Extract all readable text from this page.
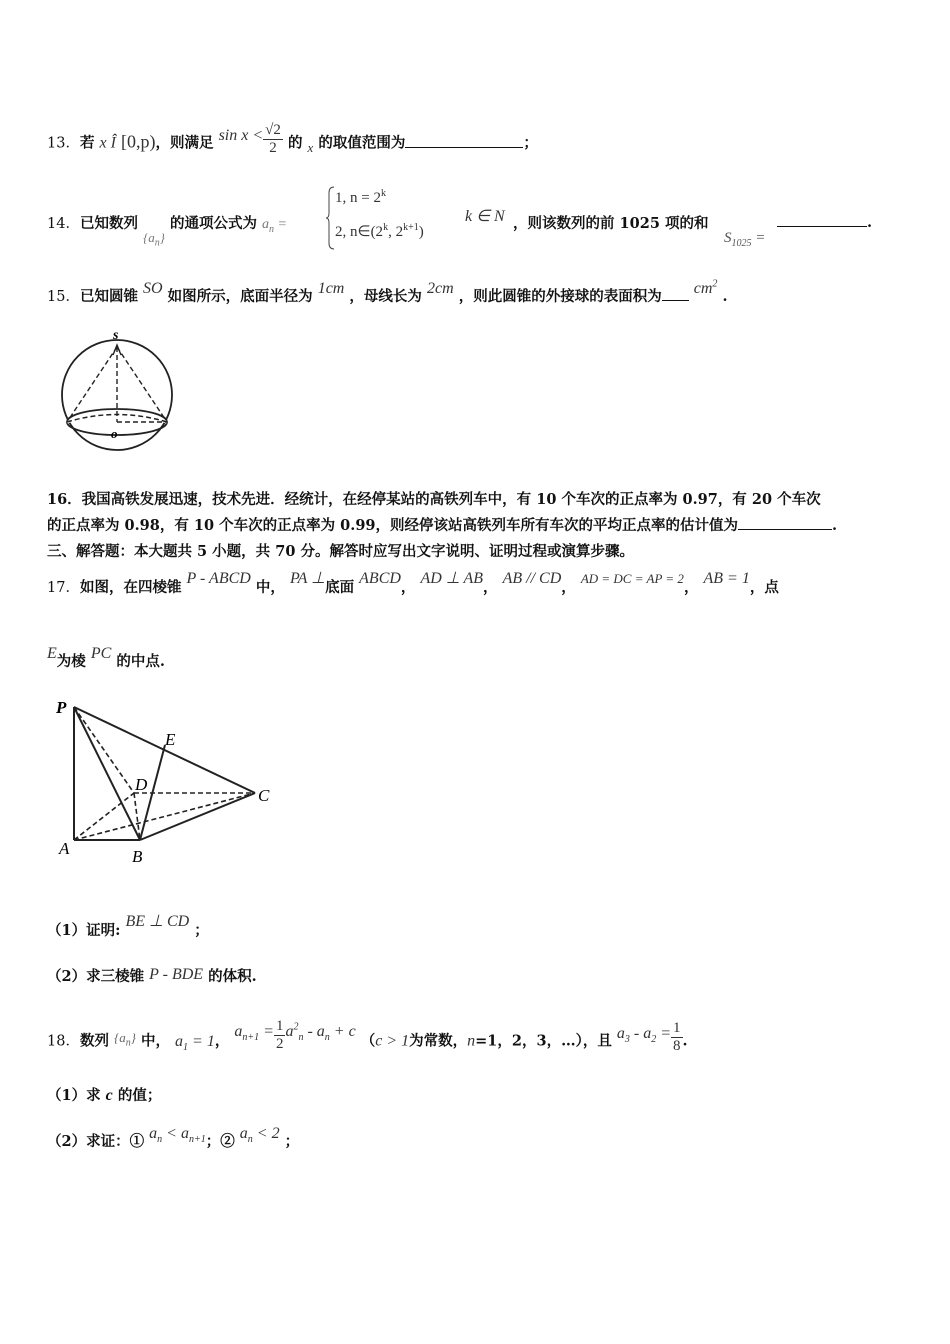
13．若 x Î [0,p)，则满足 $\sin x < \frac{√2}{2}$ 的 x 的取值范围为	；
14．已知数列 $\{a_n\}$ 的通项公式为 $a_n$ =
1, $n = 2^k$
2, n∈(2$^k$, $2^{k+1}$)
k ∈ N ，则该数列的前 1025 项的和
$S_{1025}$ =
.
15．已知圆锥 SO 如图所示，底面半径为 1cm ，母线长为 2cm ，则此圆锥的外接球的表面积为 $cm^2$ .
s
o
16．我国高铁发展迅速，技术先进．经统计，在经停某站的高铁列车中，有 10 个车次的正点率为 0.97，有 20 个车次
的正点率为 0.98，有 10 个车次的正点率为 0.99，则经停该站高铁列车所有车次的平均正点率的估计值为	.
三、解答题：本大题共 5 小题，共 70 分。解答时应写出文字说明、证明过程或演算步骤。
17．如图，在四棱锥 P - ABCD 中， PA ⊥底面 ABCD， AD ⊥ AB， AB // CD， AD = DC = AP = 2， AB = 1，点
E为棱 PC 的中点.
P
E
D
C
A	B
（1）证明: BE ⊥ CD ；
（2）求三棱锥 P - BDE 的体积.
18．数列 $\{a_n\}$ 中， $a_1 = 1$， $a_{n+1} = \frac{1}{2} a^2_n - a_n + c$ （c > 1为常数，n=1，2，3，…），且 $a_3 - a_2 = \frac{1}{8}$ .
（1）求 c 的值；
（2）求证：① $a_n < a_{n+1}$；② $a_n < 2$ ；
